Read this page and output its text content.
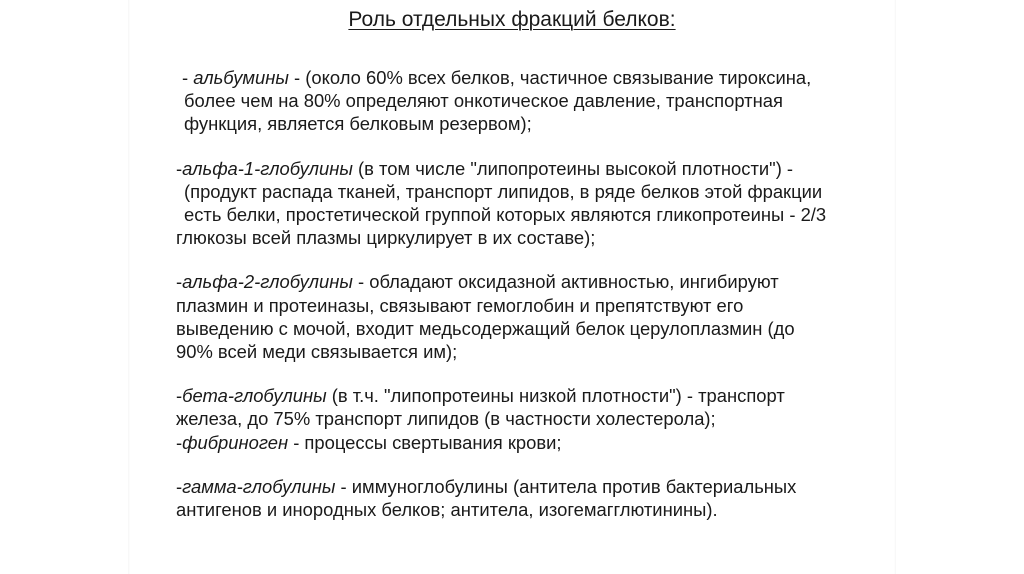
Роль отдельных фракций белков:
- альбумины - (около 60% всех белков, частичное связывание тироксина,
более чем на 80% определяют онкотическое давление, транспортная
функция, является белковым резервом);
-альфа-1-глобулины (в том числе "липопротеины высокой плотности") -
(продукт распада тканей, транспорт липидов, в ряде белков этой фракции
есть белки, простетической группой которых являются гликопротеины - 2/3
глюкозы всей плазмы циркулирует в их составе);
-альфа-2-глобулины - обладают оксидазной активностью, ингибируют
плазмин и протеиназы, связывают гемоглобин и препятствуют его
выведению с мочой, входит медьсодержащий белок церулоплазмин (до
90% всей меди связывается им);
-бета-глобулины (в т.ч. "липопротеины низкой плотности") - транспорт
железа, до 75% транспорт липидов (в частности холестерола);
-фибриноген - процессы свертывания крови;
-гамма-глобулины - иммуноглобулины (антитела против бактериальных
антигенов и инородных белков; антитела, изогемагглютинины).
